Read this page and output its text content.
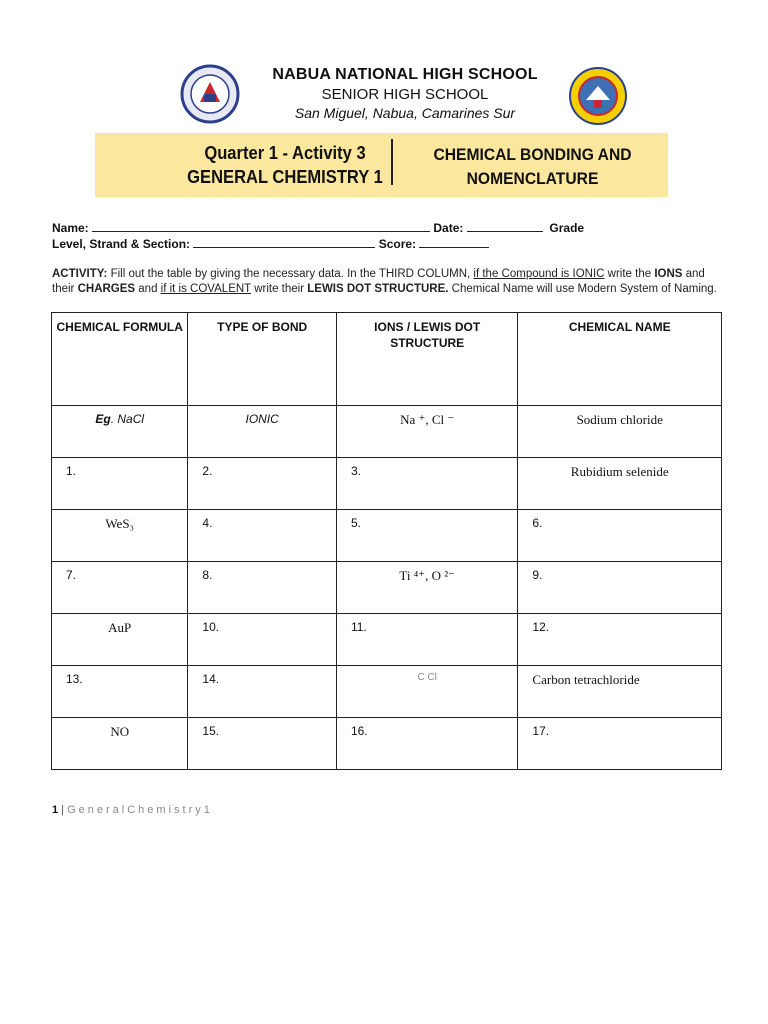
NABUA NATIONAL HIGH SCHOOL
SENIOR HIGH SCHOOL
San Miguel, Nabua, Camarines Sur
Quarter 1 - Activity 3
GENERAL CHEMISTRY 1
CHEMICAL BONDING AND
NOMENCLATURE
Name:	Date:	Grade
Level, Strand & Section:	Score:
ACTIVITY: Fill out the table by giving the necessary data. In the THIRD COLUMN, if the Compound is IONIC write the IONS and their CHARGES and if it is COVALENT write their LEWIS DOT STRUCTURE. Chemical Name will use Modern System of Naming.
CHEMICAL FORMULA	TYPE OF BOND	IONS / LEWIS DOT STRUCTURE	CHEMICAL NAME
Eg. NaCl	IONIC	Na ⁺, Cl ⁻	Sodium chloride
1.	2.	3.	Rubidium selenide
WeS₃	4.	5.	6.
7.	8.	Ti ⁴⁺, O ²⁻	9.
AuP	10.	11.	12.
13.	14.	C Cl	Carbon tetrachloride
NO	15.	16.	17.
1 | GeneralChemistry1
